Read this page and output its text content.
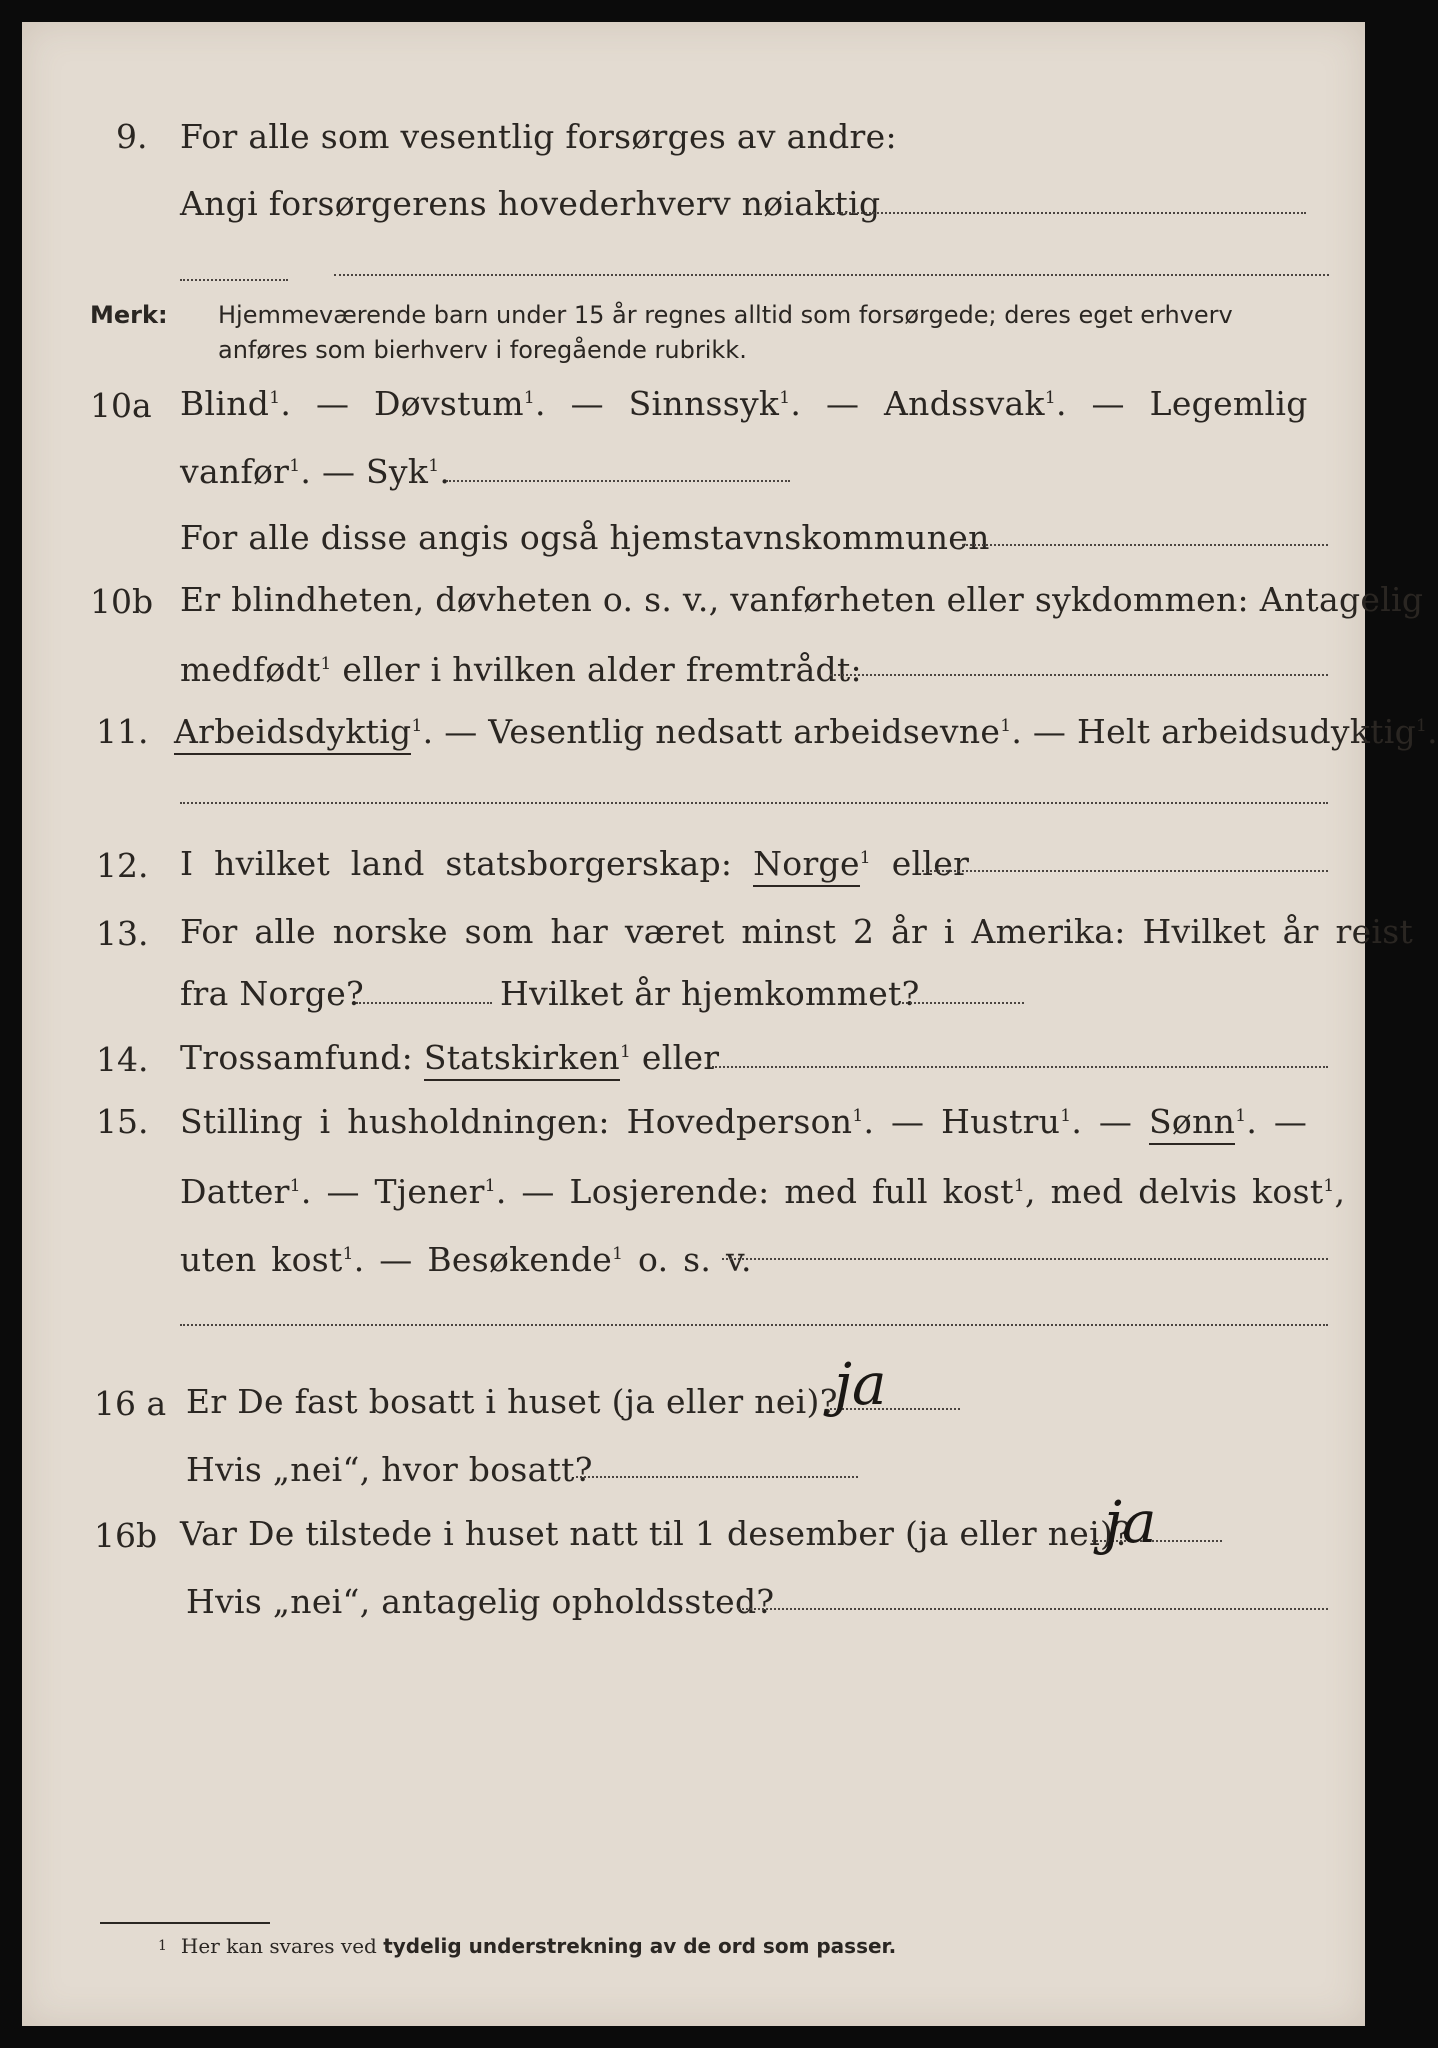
9. For alle som vesentlig forsørges av andre:
Angi forsørgerens hovederhverv nøiaktig
Merk: Hjemmeværende barn under 15 år regnes alltid som forsørgede; deres eget erhverv
anføres som bierhverv i foregående rubrikk.
10a Blind$^1$. — Døvstum$^1$. — Sinnssyk$^1$. — Andssvak$^1$. — Legemlig
vanfør$^1$. — Syk$^1$.
For alle disse angis også hjemstavnskommunen
10b Er blindheten, døvheten o. s. v., vanførheten eller sykdommen: Antagelig
medfødt$^1$ eller i hvilken alder fremtrådt:
11. Arbeidsdyktig$^1$. — Vesentlig nedsatt arbeidsevne$^1$. — Helt arbeidsudyktig$^1$.
12. I hvilket land statsborgerskap: Norge$^1$ eller
13. For alle norske som har været minst 2 år i Amerika: Hvilket år reist
fra Norge?	Hvilket år hjemkommet?
14. Trossamfund: Statskirken$^1$ eller
15. Stilling i husholdningen: Hovedperson$^1$. — Hustru$^1$. — Sønn$^1$. —
Datter$^1$. — Tjener$^1$. — Losjerende: med full kost$^1$, med delvis kost$^1$,
uten kost$^1$. — Besøkende$^1$ o. s. v.
16 a Er De fast bosatt i huset (ja eller nei)?
ja
Hvis „nei“, hvor bosatt?
16b Var De tilstede i huset natt til 1 desember (ja eller nei)?
ja
Hvis „nei“, antagelig opholdssted?
$^1$ Her kan svares ved tydelig understrekning av de ord som passer.
